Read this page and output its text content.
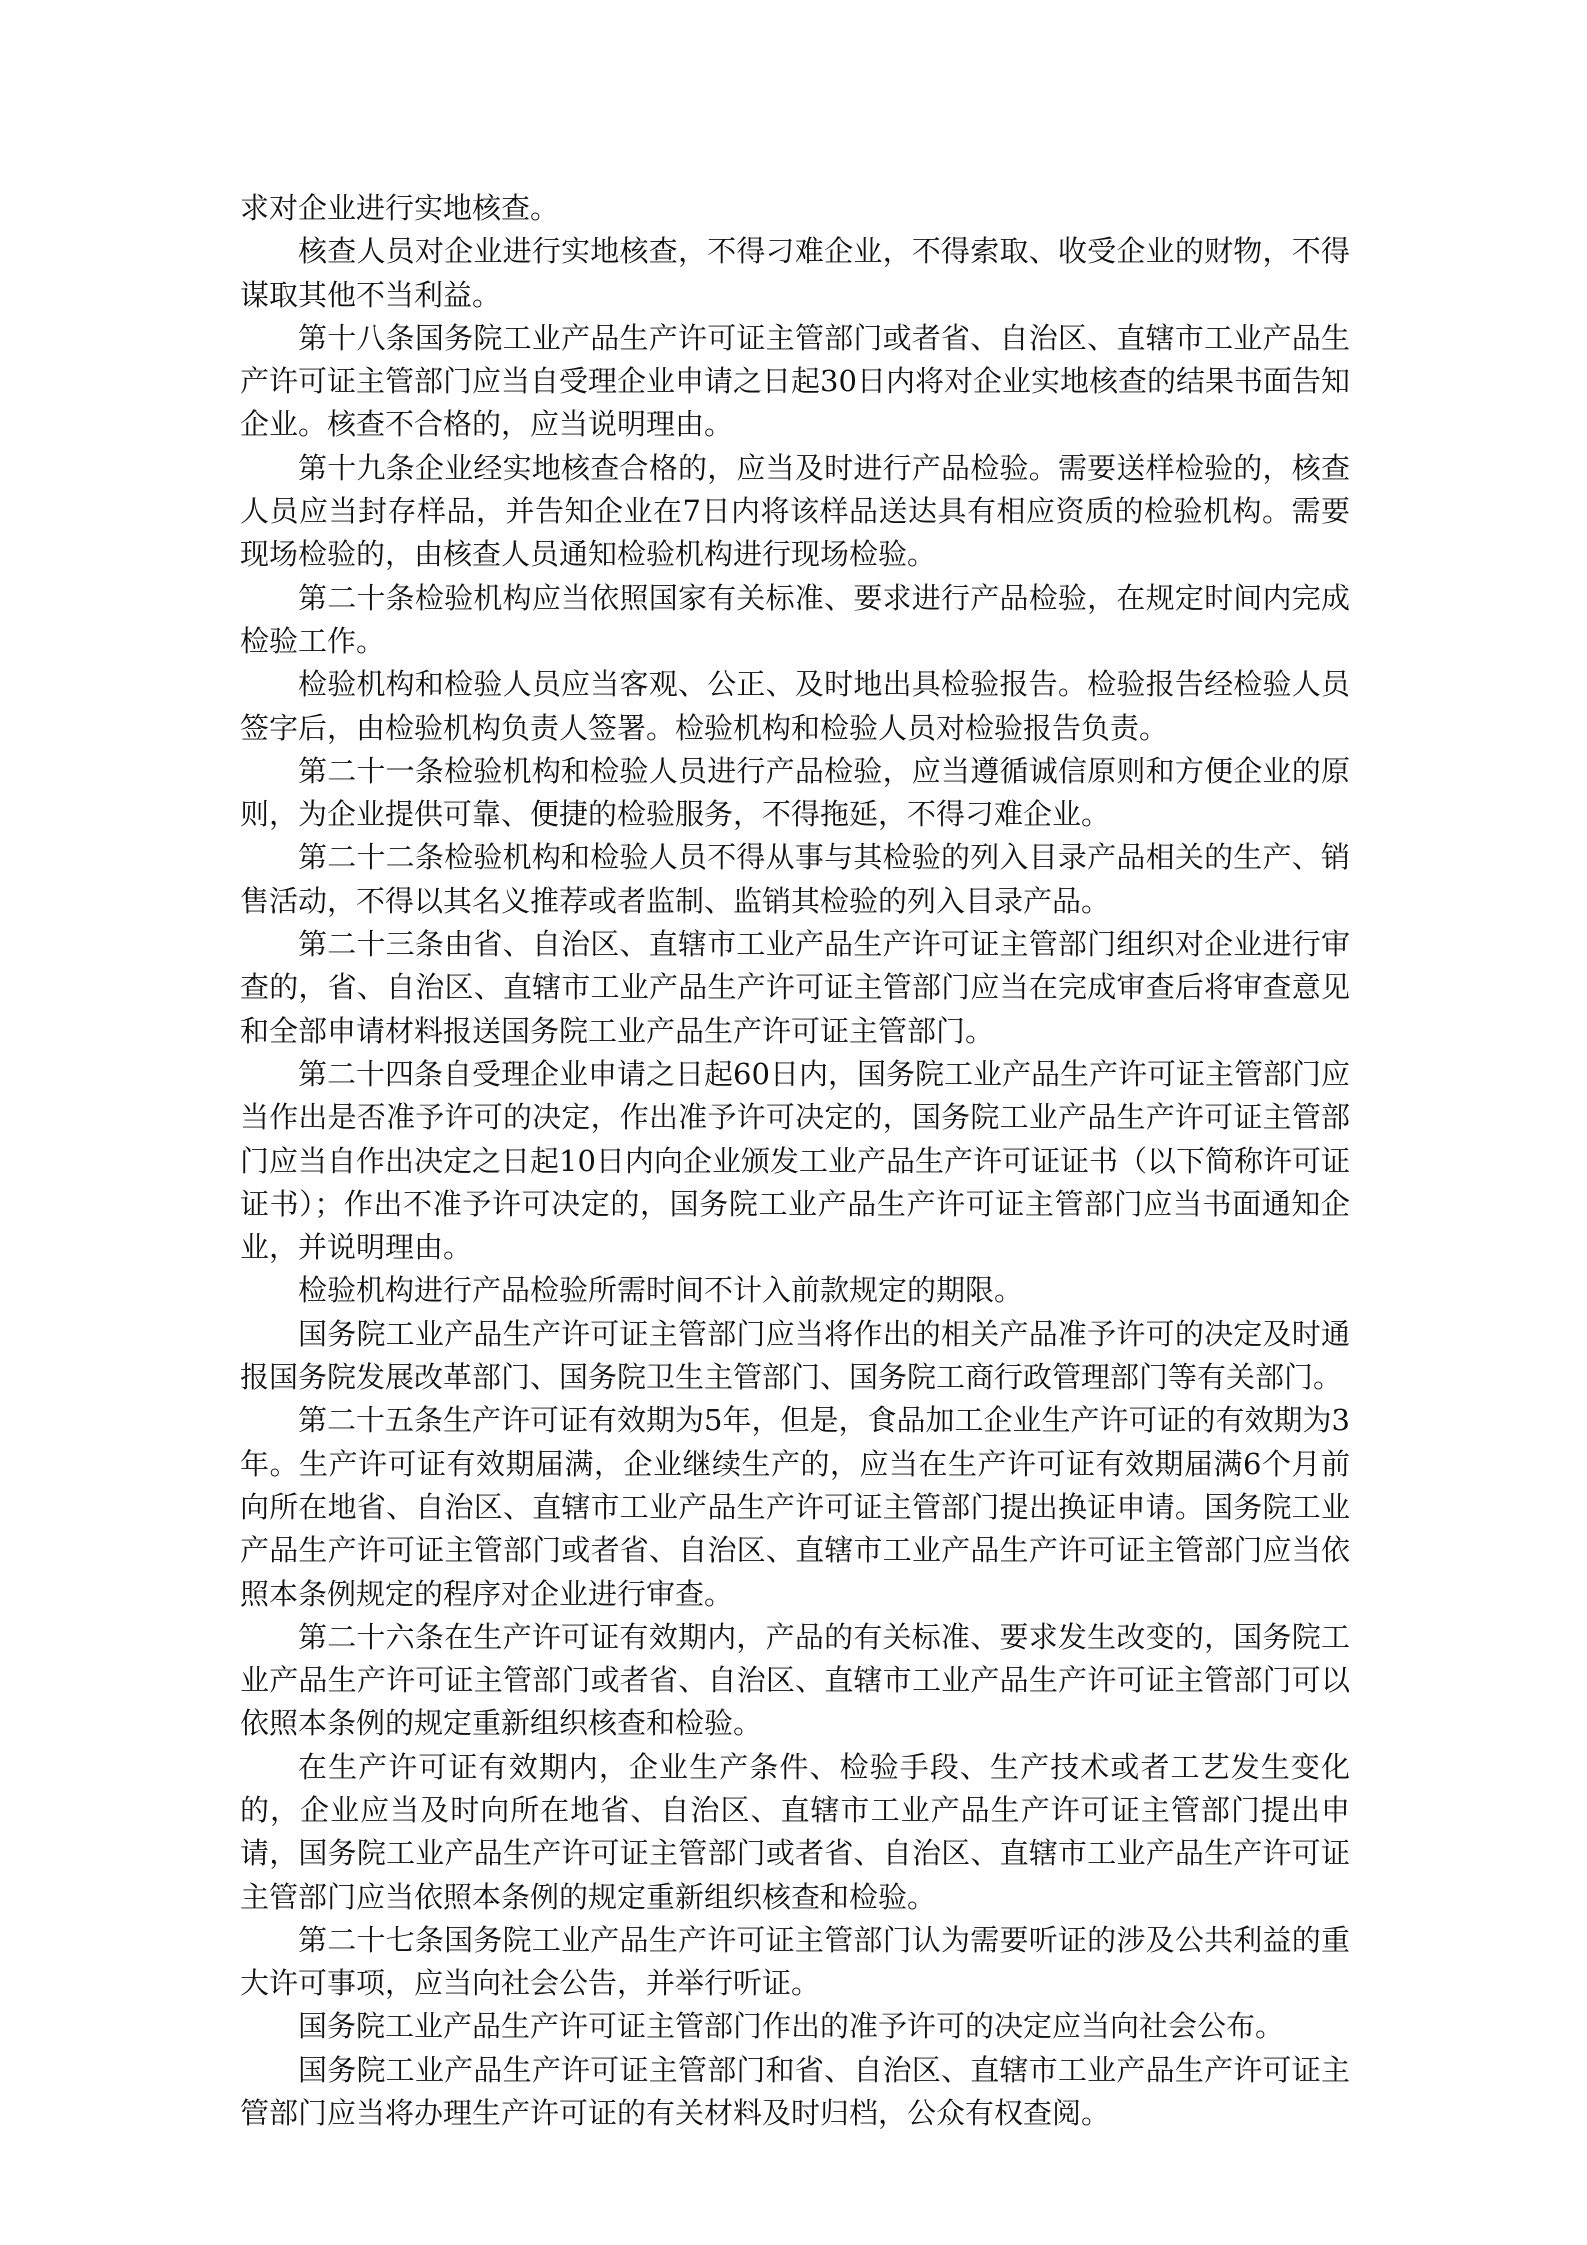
求对企业进行实地核查。

核查人员对企业进行实地核查，不得刁难企业，不得索取、收受企业的财物，不得谋取其他不当利益。

第十八条国务院工业产品生产许可证主管部门或者省、自治区、直辖市工业产品生产许可证主管部门应当自受理企业申请之日起30日内将对企业实地核查的结果书面告知企业。核查不合格的，应当说明理由。

第十九条企业经实地核查合格的，应当及时进行产品检验。需要送样检验的，核查人员应当封存样品，并告知企业在7日内将该样品送达具有相应资质的检验机构。需要现场检验的，由核查人员通知检验机构进行现场检验。

第二十条检验机构应当依照国家有关标准、要求进行产品检验，在规定时间内完成检验工作。

检验机构和检验人员应当客观、公正、及时地出具检验报告。检验报告经检验人员签字后，由检验机构负责人签署。检验机构和检验人员对检验报告负责。

第二十一条检验机构和检验人员进行产品检验，应当遵循诚信原则和方便企业的原则，为企业提供可靠、便捷的检验服务，不得拖延，不得刁难企业。

第二十二条检验机构和检验人员不得从事与其检验的列入目录产品相关的生产、销售活动，不得以其名义推荐或者监制、监销其检验的列入目录产品。

第二十三条由省、自治区、直辖市工业产品生产许可证主管部门组织对企业进行审查的，省、自治区、直辖市工业产品生产许可证主管部门应当在完成审查后将审查意见和全部申请材料报送国务院工业产品生产许可证主管部门。

第二十四条自受理企业申请之日起60日内，国务院工业产品生产许可证主管部门应当作出是否准予许可的决定，作出准予许可决定的，国务院工业产品生产许可证主管部门应当自作出决定之日起10日内向企业颁发工业产品生产许可证证书（以下简称许可证证书）；作出不准予许可决定的，国务院工业产品生产许可证主管部门应当书面通知企业，并说明理由。

检验机构进行产品检验所需时间不计入前款规定的期限。

国务院工业产品生产许可证主管部门应当将作出的相关产品准予许可的决定及时通报国务院发展改革部门、国务院卫生主管部门、国务院工商行政管理部门等有关部门。

第二十五条生产许可证有效期为5年，但是，食品加工企业生产许可证的有效期为3年。生产许可证有效期届满，企业继续生产的，应当在生产许可证有效期届满6个月前向所在地省、自治区、直辖市工业产品生产许可证主管部门提出换证申请。国务院工业产品生产许可证主管部门或者省、自治区、直辖市工业产品生产许可证主管部门应当依照本条例规定的程序对企业进行审查。

第二十六条在生产许可证有效期内，产品的有关标准、要求发生改变的，国务院工业产品生产许可证主管部门或者省、自治区、直辖市工业产品生产许可证主管部门可以依照本条例的规定重新组织核查和检验。

在生产许可证有效期内，企业生产条件、检验手段、生产技术或者工艺发生变化的，企业应当及时向所在地省、自治区、直辖市工业产品生产许可证主管部门提出申请，国务院工业产品生产许可证主管部门或者省、自治区、直辖市工业产品生产许可证主管部门应当依照本条例的规定重新组织核查和检验。

第二十七条国务院工业产品生产许可证主管部门认为需要听证的涉及公共利益的重大许可事项，应当向社会公告，并举行听证。

国务院工业产品生产许可证主管部门作出的准予许可的决定应当向社会公布。

国务院工业产品生产许可证主管部门和省、自治区、直辖市工业产品生产许可证主管部门应当将办理生产许可证的有关材料及时归档，公众有权查阅。
